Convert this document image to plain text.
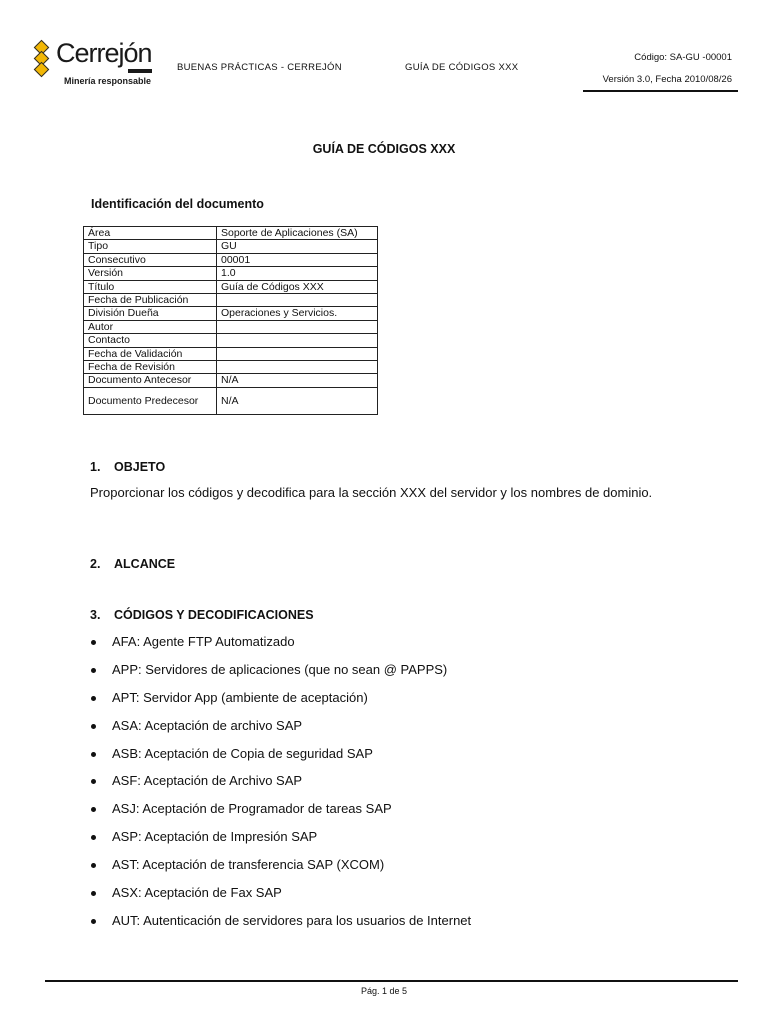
Cerrejón
Minería responsable
BUENAS PRÁCTICAS - CERREJÓN	GUÍA DE CÓDIGOS XXX
Código: SA-GU -00001
Versión 3.0, Fecha 2010/08/26
GUÍA DE CÓDIGOS XXX
Identificación del documento
Área	Soporte de Aplicaciones (SA)
Tipo	GU
Consecutivo	00001
Versión	1.0
Título	Guía de Códigos XXX
Fecha de Publicación	
División Dueña	Operaciones y Servicios.
Autor	
Contacto	
Fecha de Validación	
Fecha de Revisión	
Documento Antecesor	N/A
Documento Predecesor	N/A
1. OBJETO
Proporcionar los códigos y decodifica para la sección XXX del servidor y los nombres de dominio.
2. ALCANCE
3. CÓDIGOS Y DECODIFICACIONES
AFA: Agente FTP Automatizado
APP: Servidores de aplicaciones (que no sean @ PAPPS)
APT: Servidor App (ambiente de aceptación)
ASA: Aceptación de archivo SAP
ASB: Aceptación de Copia de seguridad SAP
ASF: Aceptación de Archivo SAP
ASJ: Aceptación de Programador de tareas SAP
ASP: Aceptación de Impresión SAP
AST: Aceptación de transferencia SAP (XCOM)
ASX: Aceptación de Fax SAP
AUT: Autenticación de servidores para los usuarios de Internet
Pág. 1 de 5
